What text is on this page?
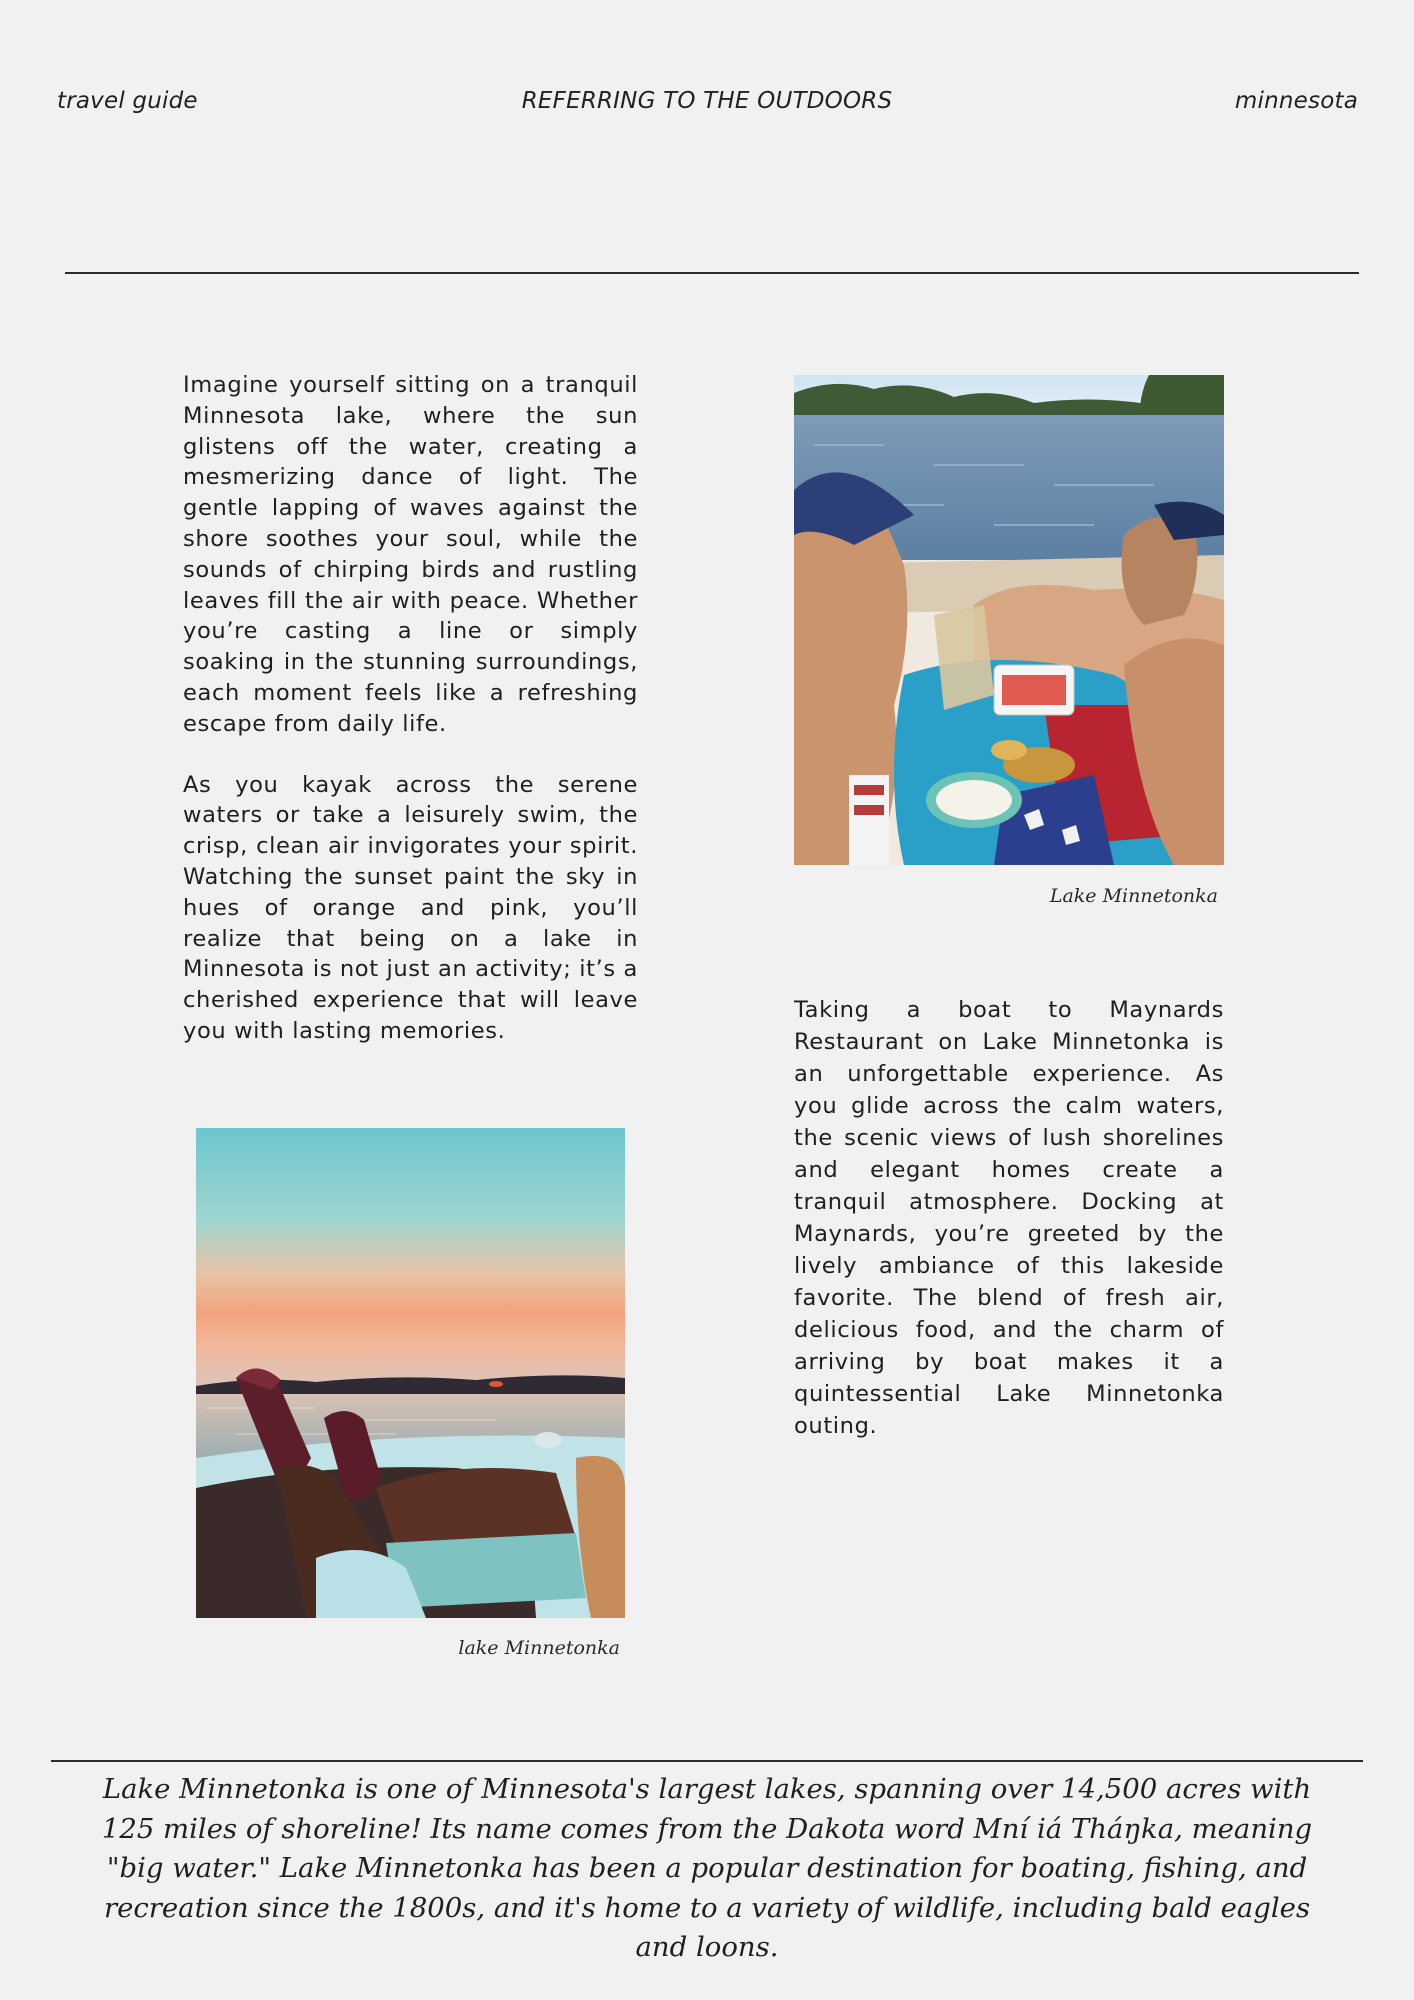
travel guide	REFERRING TO THE OUTDOORS	minnesota

Imagine yourself sitting on a tranquil Minnesota lake, where the sun glistens off the water, creating a mesmerizing dance of light. The gentle lapping of waves against the shore soothes your soul, while the sounds of chirping birds and rustling leaves fill the air with peace. Whether you’re casting a line or simply soaking in the stunning surroundings, each moment feels like a refreshing escape from daily life.

As you kayak across the serene waters or take a leisurely swim, the crisp, clean air invigorates your spirit. Watching the sunset paint the sky in hues of orange and pink, you’ll realize that being on a lake in Minnesota is not just an activity; it’s a cherished experience that will leave you with lasting memories.

Lake Minnetonka

Taking a boat to Maynards Restaurant on Lake Minnetonka is an unforgettable experience. As you glide across the calm waters, the scenic views of lush shorelines and elegant homes create a tranquil atmosphere. Docking at Maynards, you’re greeted by the lively ambiance of this lakeside favorite. The blend of fresh air, delicious food, and the charm of arriving by boat makes it a quintessential Lake Minnetonka outing.

lake Minnetonka

Lake Minnetonka is one of Minnesota's largest lakes, spanning over 14,500 acres with 125 miles of shoreline! Its name comes from the Dakota word Mní iá Tháŋka, meaning "big water." Lake Minnetonka has been a popular destination for boating, fishing, and recreation since the 1800s, and it's home to a variety of wildlife, including bald eagles and loons.
